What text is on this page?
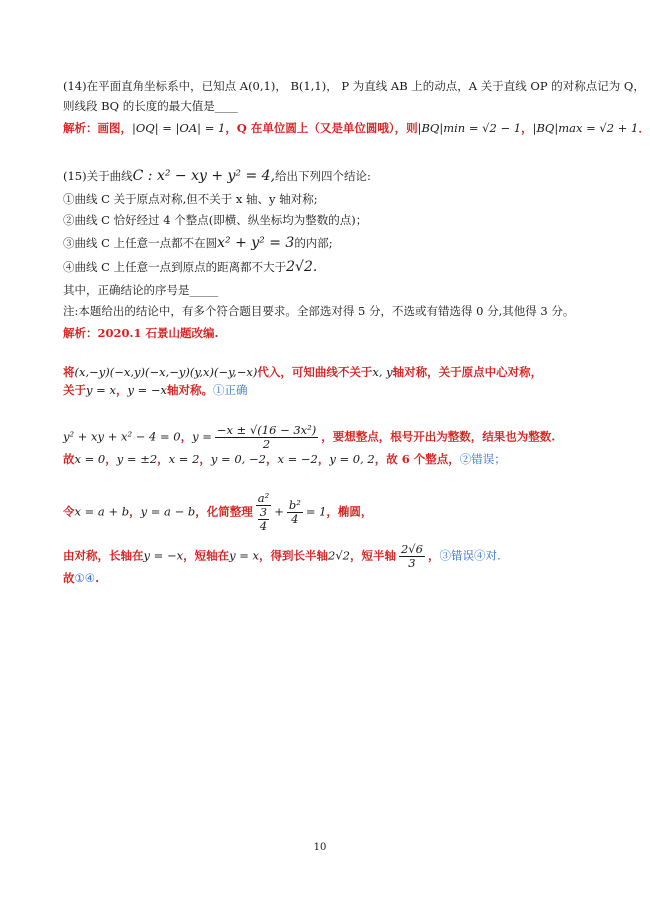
(14)在平面直角坐标系中，已知点 A(0,1)， B(1,1)， P 为直线 AB 上的动点，A 关于直线 OP 的对称点记为 Q，
则线段 BQ 的长度的最大值是____
解析：画图，|OQ| = |OA| = 1，Q 在单位圆上（又是单位圆哦），则|BQ|min = √2 − 1，|BQ|max = √2 + 1．
(15)关于曲线C : x² − xy + y² = 4,给出下列四个结论:
①曲线 C 关于原点对称,但不关于 x 轴、y 轴对称;
②曲线 C 恰好经过 4 个整点(即横、纵坐标均为整数的点)；
③曲线 C 上任意一点都不在圆x² + y² = 3的内部;
④曲线 C 上任意一点到原点的距离都不大于2√2.
其中，正确结论的序号是_____
注:本题给出的结论中，有多个符合题目要求。全部选对得 5 分，不选或有错选得 0 分,其他得 3 分。
解析：2020.1 石景山题改编.
将(x,−y)(−x,y)(−x,−y)(y,x)(−y,−x)代入，可知曲线不关于x, y轴对称，关于原点中心对称，
关于y = x，y = −x轴对称。①正确
y² + xy + x² − 4 = 0，$y = \frac{\text{−x ± √(16 − 3x²)}}{2}$ ，要想整点，根号开出为整数，结果也为整数.
故x = 0，y = ±2，x = 2，y = 0, −2，x = −2，y = 0, 2，故 6 个整点，②错误；
令x = a + b，y = a − b，化简整理 $\frac{\text{a²}}{\frac{3}{4}} + \frac{\text{b²}}{4} = 1$，椭圆，
由对称，长轴在y = −x，短轴在y = x，得到长半轴2√2，短半轴 $\frac{2√6}{3}$ ，③错误④对.
故①④.
10
